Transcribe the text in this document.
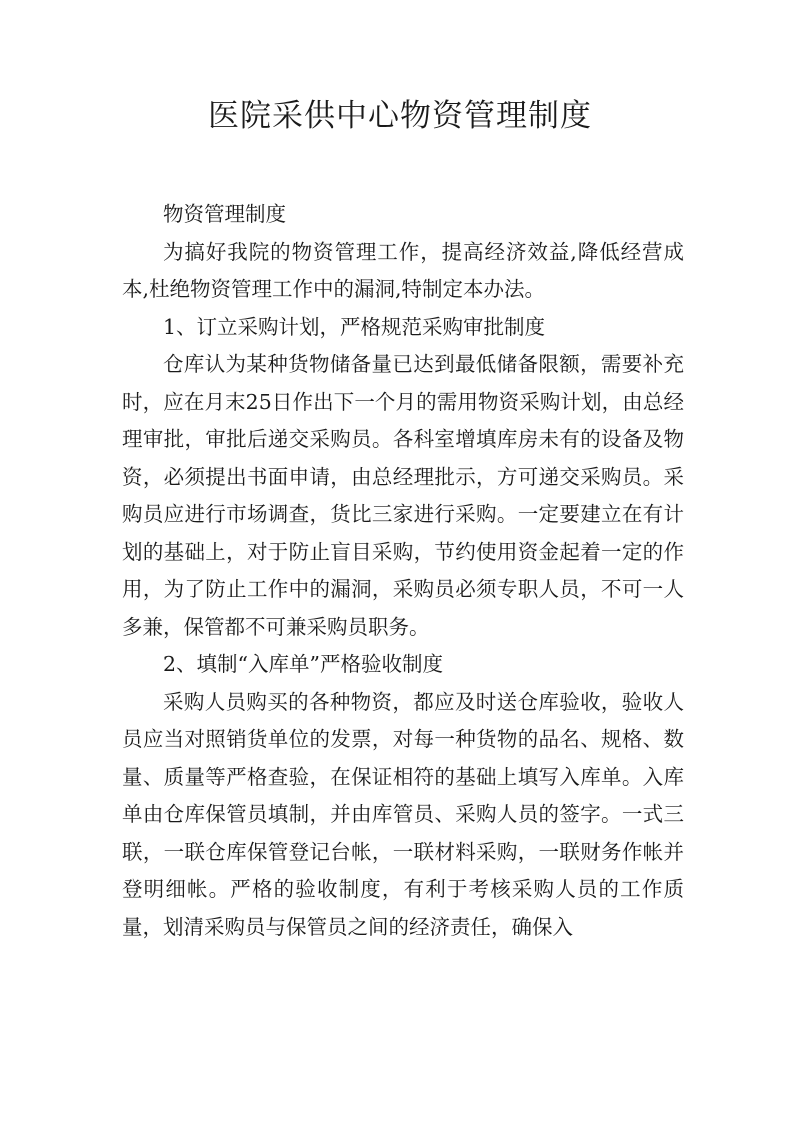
医院采供中心物资管理制度

物资管理制度

为搞好我院的物资管理工作，提高经济效益,降低经营成本,杜绝物资管理工作中的漏洞,特制定本办法。

1、订立采购计划，严格规范采购审批制度

仓库认为某种货物储备量已达到最低储备限额，需要补充时，应在月末25日作出下一个月的需用物资采购计划，由总经理审批，审批后递交采购员。各科室增填库房未有的设备及物资，必须提出书面申请，由总经理批示，方可递交采购员。采购员应进行市场调查，货比三家进行采购。一定要建立在有计划的基础上，对于防止盲目采购，节约使用资金起着一定的作用，为了防止工作中的漏洞，采购员必须专职人员，不可一人多兼，保管都不可兼采购员职务。

2、填制“入库单”严格验收制度

采购人员购买的各种物资，都应及时送仓库验收，验收人员应当对照销货单位的发票，对每一种货物的品名、规格、数量、质量等严格查验，在保证相符的基础上填写入库单。入库单由仓库保管员填制，并由库管员、采购人员的签字。一式三联，一联仓库保管登记台帐，一联材料采购，一联财务作帐并登明细帐。严格的验收制度，有利于考核采购人员的工作质量，划清采购员与保管员之间的经济责任，确保入
